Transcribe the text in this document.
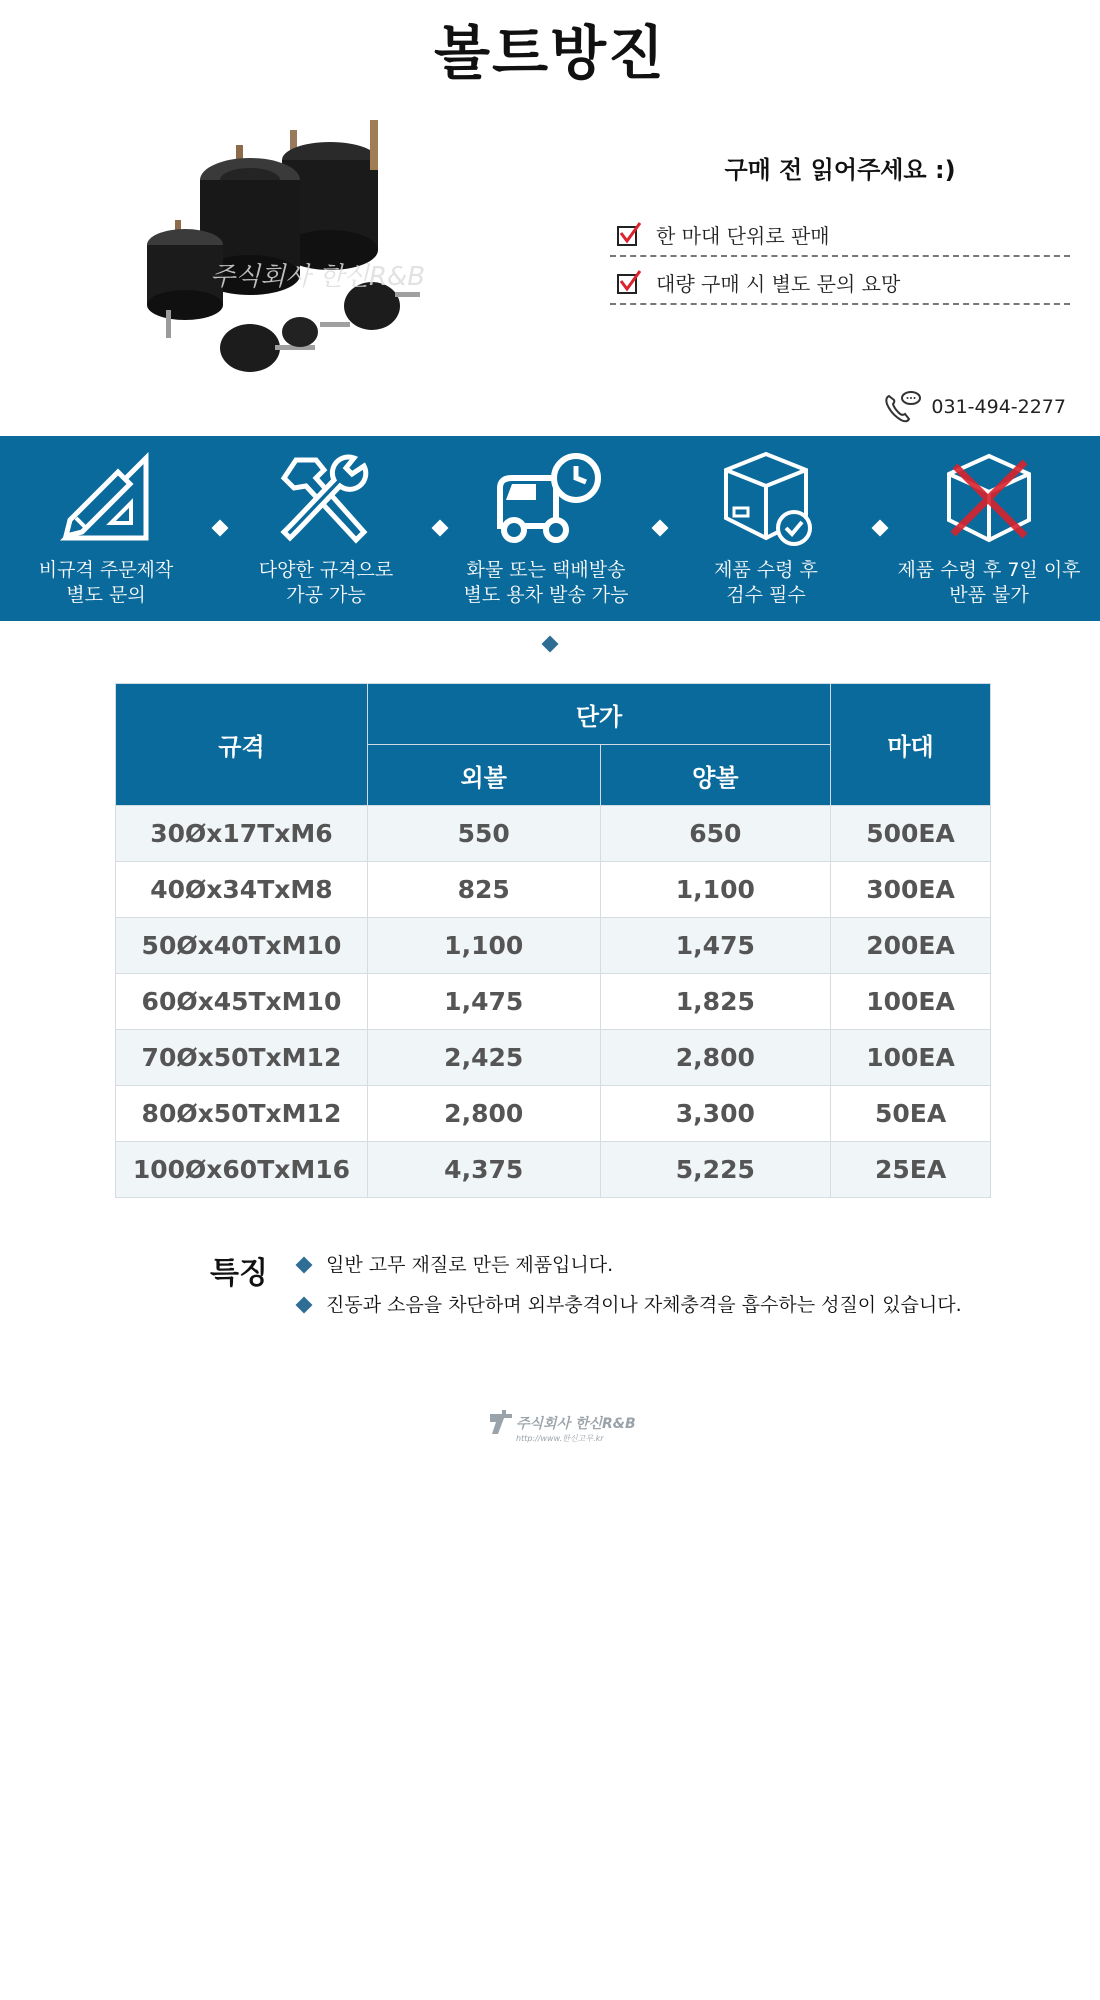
볼트방진
주식회사 한신R&B
구매 전 읽어주세요 :)
한 마대 단위로 판매
대량 구매 시 별도 문의 요망
031-494-2277
비규격 주문제작
별도 문의
다양한 규격으로
가공 가능
화물 또는 택배발송
별도 용차 발송 가능
제품 수령 후
검수 필수
제품 수령 후 7일 이후
반품 불가
규격	단가		마대
	외볼	양볼	
30Øx17TxM6	550	650	500EA
40Øx34TxM8	825	1,100	300EA
50Øx40TxM10	1,100	1,475	200EA
60Øx45TxM10	1,475	1,825	100EA
70Øx50TxM12	2,425	2,800	100EA
80Øx50TxM12	2,800	3,300	50EA
100Øx60TxM16	4,375	5,225	25EA
특징	일반 고무 재질로 만든 제품입니다.
진동과 소음을 차단하며 외부충격이나 자체충격을 흡수하는 성질이 있습니다.
주식회사 한신R&B
http://www.한신고무.kr
